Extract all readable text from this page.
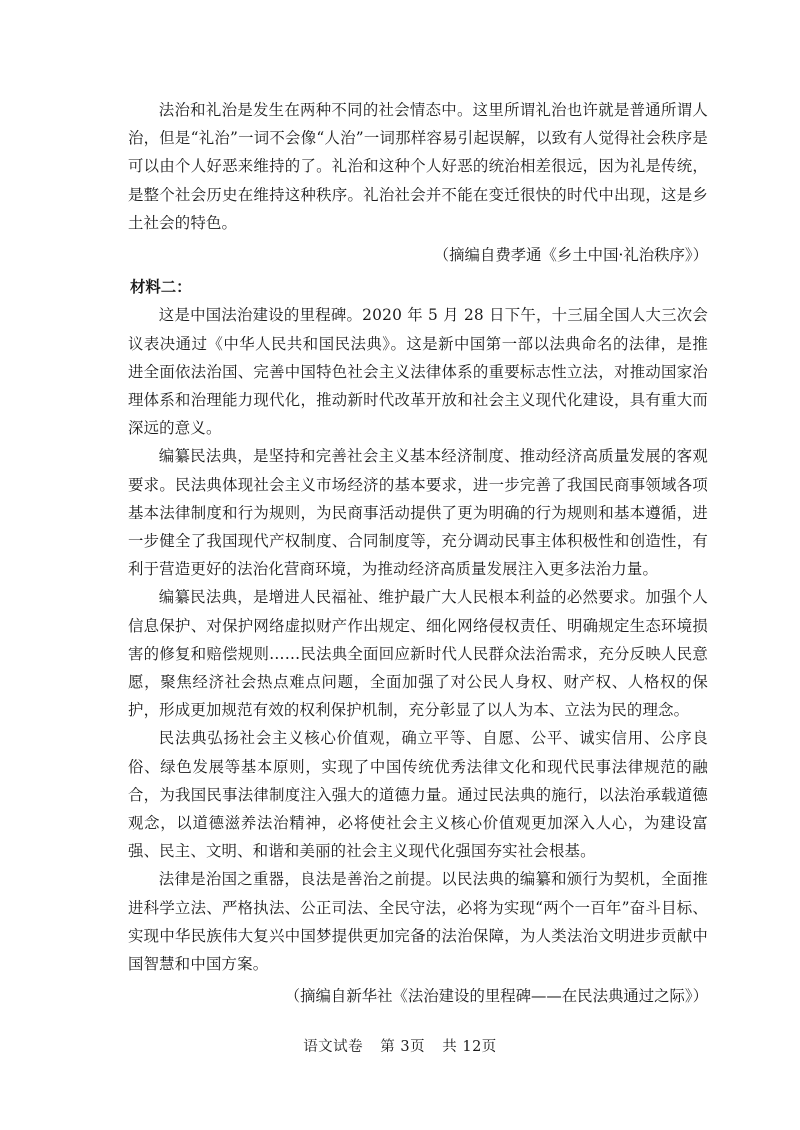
法治和礼治是发生在两种不同的社会情态中。这里所谓礼治也许就是普通所谓人治，但是“礼治”一词不会像“人治”一词那样容易引起误解，以致有人觉得社会秩序是可以由个人好恶来维持的了。礼治和这种个人好恶的统治相差很远，因为礼是传统，是整个社会历史在维持这种秩序。礼治社会并不能在变迁很快的时代中出现，这是乡土社会的特色。

（摘编自费孝通《乡土中国·礼治秩序》）

材料二：

这是中国法治建设的里程碑。2020 年 5 月 28 日下午，十三届全国人大三次会议表决通过《中华人民共和国民法典》。这是新中国第一部以法典命名的法律，是推进全面依法治国、完善中国特色社会主义法律体系的重要标志性立法，对推动国家治理体系和治理能力现代化，推动新时代改革开放和社会主义现代化建设，具有重大而深远的意义。

编纂民法典，是坚持和完善社会主义基本经济制度、推动经济高质量发展的客观要求。民法典体现社会主义市场经济的基本要求，进一步完善了我国民商事领域各项基本法律制度和行为规则，为民商事活动提供了更为明确的行为规则和基本遵循，进一步健全了我国现代产权制度、合同制度等，充分调动民事主体积极性和创造性，有利于营造更好的法治化营商环境，为推动经济高质量发展注入更多法治力量。

编纂民法典，是增进人民福祉、维护最广大人民根本利益的必然要求。加强个人信息保护、对保护网络虚拟财产作出规定、细化网络侵权责任、明确规定生态环境损害的修复和赔偿规则……民法典全面回应新时代人民群众法治需求，充分反映人民意愿，聚焦经济社会热点难点问题，全面加强了对公民人身权、财产权、人格权的保护，形成更加规范有效的权利保护机制，充分彰显了以人为本、立法为民的理念。

民法典弘扬社会主义核心价值观，确立平等、自愿、公平、诚实信用、公序良俗、绿色发展等基本原则，实现了中国传统优秀法律文化和现代民事法律规范的融合，为我国民事法律制度注入强大的道德力量。通过民法典的施行，以法治承载道德观念，以道德滋养法治精神，必将使社会主义核心价值观更加深入人心，为建设富强、民主、文明、和谐和美丽的社会主义现代化强国夯实社会根基。

法律是治国之重器，良法是善治之前提。以民法典的编纂和颁行为契机，全面推进科学立法、严格执法、公正司法、全民守法，必将为实现“两个一百年”奋斗目标、实现中华民族伟大复兴中国梦提供更加完备的法治保障，为人类法治文明进步贡献中国智慧和中国方案。

（摘编自新华社《法治建设的里程碑——在民法典通过之际》）

语文试卷 第 3页 共 12页
